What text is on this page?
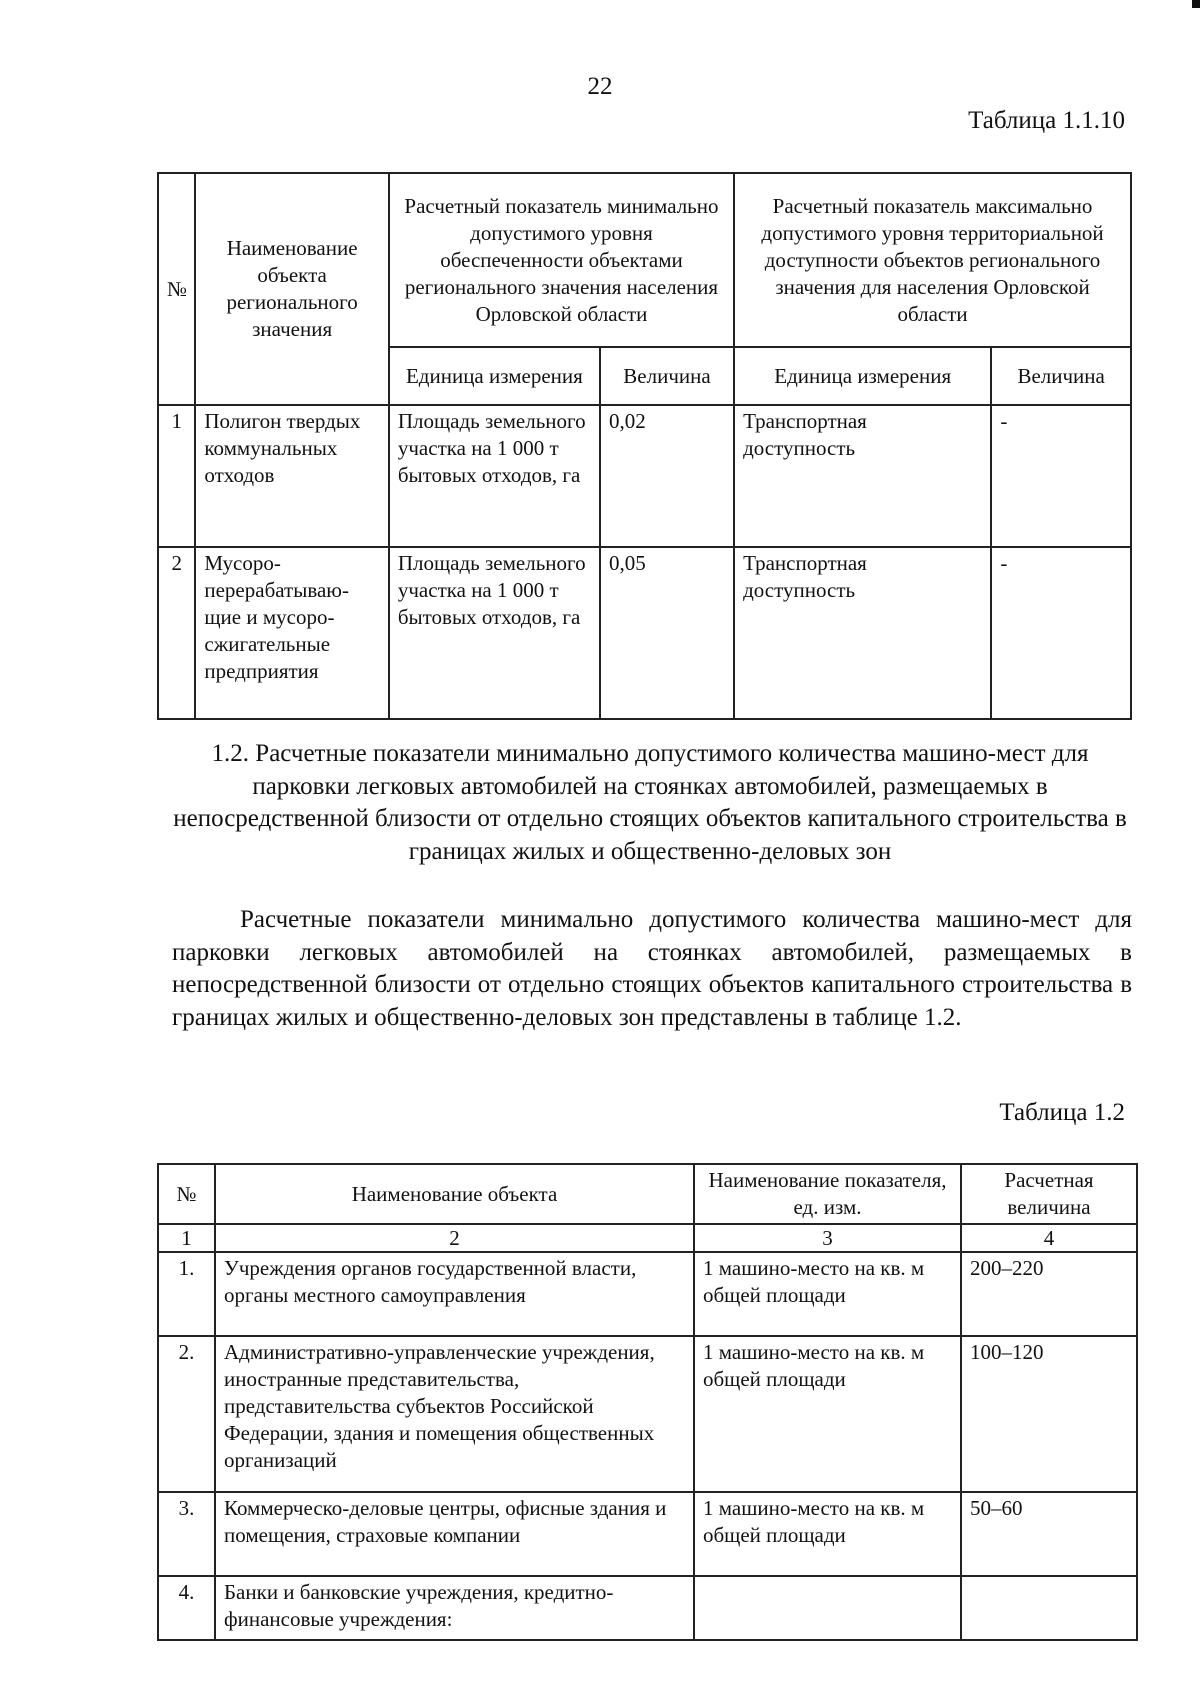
22
Таблица 1.1.10
№	Наименование объекта регионального значения	Расчетный показатель минимально допустимого уровня обеспеченности объектами регионального значения населения Орловской области		Расчетный показатель максимально допустимого уровня территориальной доступности объектов регионального значения для населения Орловской области	
		Единица измерения	Величина	Единица измерения	Величина
1	Полигон твердых коммунальных отходов	Площадь земельного участка на 1 000 т бытовых отходов, га	0,02	Транспортная доступность	-
2	Мусоро-перерабатываю-щие и мусоро-сжигательные предприятия	Площадь земельного участка на 1 000 т бытовых отходов, га	0,05	Транспортная доступность	-
1.2. Расчетные показатели минимально допустимого количества машино-мест для парковки легковых автомобилей на стоянках автомобилей, размещаемых в непосредственной близости от отдельно стоящих объектов капитального строительства в границах жилых и общественно-деловых зон
Расчетные показатели минимально допустимого количества машино-мест для парковки легковых автомобилей на стоянках автомобилей, размещаемых в непосредственной близости от отдельно стоящих объектов капитального строительства в границах жилых и общественно-деловых зон представлены в таблице 1.2.
Таблица 1.2
№	Наименование объекта	Наименование показателя, ед. изм.	Расчетная величина
1	2	3	4
1.	Учреждения органов государственной власти, органы местного самоуправления	1 машино-место на кв. м общей площади	200–220
2.	Административно-управленческие учреждения, иностранные представительства, представительства субъектов Российской Федерации, здания и помещения общественных организаций	1 машино-место на кв. м общей площади	100–120
3.	Коммерческо-деловые центры, офисные здания и помещения, страховые компании	1 машино-место на кв. м общей площади	50–60
4.	Банки и банковские учреждения, кредитно-финансовые учреждения:		
